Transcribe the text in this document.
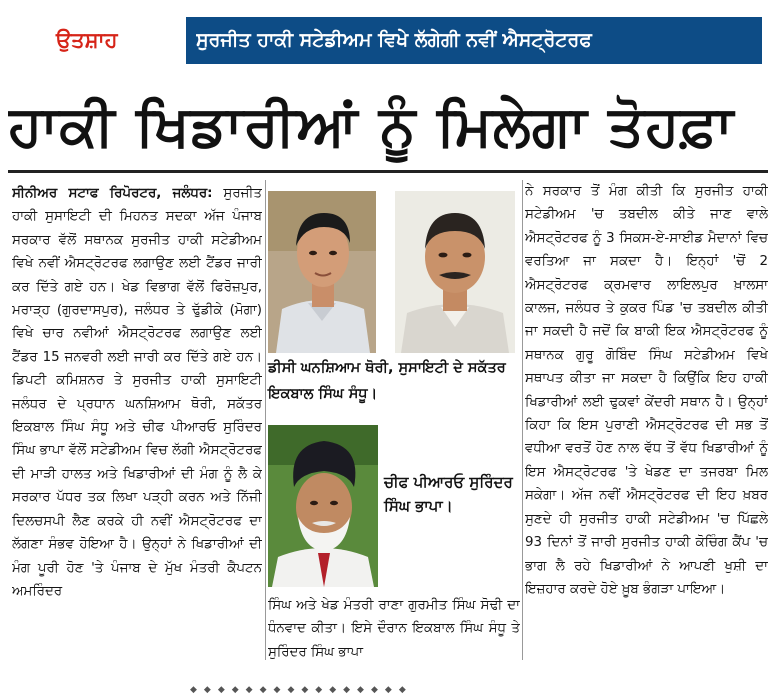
ਉਤਸ਼ਾਹ	ਸੁਰਜੀਤ ਹਾਕੀ ਸਟੇਡੀਅਮ ਵਿਖੇ ਲੱਗੇਗੀ ਨਵੀਂ ਐਸਟ੍ਰੋਟਰਫ
ਹਾਕੀ ਖਿਡਾਰੀਆਂ ਨੂੰ ਮਿਲੇਗਾ ਤੋਹਫ਼ਾ

ਸੀਨੀਅਰ ਸਟਾਫ ਰਿਪੋਰਟਰ, ਜਲੰਧਰ: ਸੁਰਜੀਤ ਹਾਕੀ ਸੁਸਾਇਟੀ ਦੀ ਮਿਹਨਤ ਸਦਕਾ ਅੱਜ ਪੰਜਾਬ ਸਰਕਾਰ ਵੱਲੋਂ ਸਥਾਨਕ ਸੁਰਜੀਤ ਹਾਕੀ ਸਟੇਡੀਅਮ ਵਿਖੇ ਨਵੀਂ ਐਸਟ੍ਰੋਟਰਫ ਲਗਾਉਣ ਲਈ ਟੈਂਡਰ ਜਾਰੀ ਕਰ ਦਿੱਤੇ ਗਏ ਹਨ। ਖੇਡ ਵਿਭਾਗ ਵੱਲੋਂ ਫਿਰੋਜ਼ਪੁਰ, ਮਰਾੜ੍ਹ (ਗੁਰਦਾਸਪੁਰ), ਜਲੰਧਰ ਤੇ ਢੁੱਡੀਕੇ (ਮੋਗਾ) ਵਿਖੇ ਚਾਰ ਨਵੀਆਂ ਐਸਟ੍ਰੋਟਰਫ ਲਗਾਉਣ ਲਈ ਟੈਂਡਰ 15 ਜਨਵਰੀ ਲਈ ਜਾਰੀ ਕਰ ਦਿੱਤੇ ਗਏ ਹਨ। ਡਿਪਟੀ ਕਮਿਸ਼ਨਰ ਤੇ ਸੁਰਜੀਤ ਹਾਕੀ ਸੁਸਾਇਟੀ ਜਲੰਧਰ ਦੇ ਪ੍ਰਧਾਨ ਘਨਸ਼ਿਆਮ ਥੋਰੀ, ਸਕੱਤਰ ਇਕਬਾਲ ਸਿੰਘ ਸੰਧੂ ਅਤੇ ਚੀਫ ਪੀਆਰਓ ਸੁਰਿੰਦਰ ਸਿੰਘ ਭਾਪਾ ਵੱਲੋਂ ਸਟੇਡੀਅਮ ਵਿਚ ਲੱਗੀ ਐਸਟ੍ਰੋਟਰਫ ਦੀ ਮਾੜੀ ਹਾਲਤ ਅਤੇ ਖਿਡਾਰੀਆਂ ਦੀ ਮੰਗ ਨੂੰ ਲੈ ਕੇ ਸਰਕਾਰ ਪੱਧਰ ਤਕ ਲਿਖਾ ਪੜ੍ਹੀ ਕਰਨ ਅਤੇ ਨਿੱਜੀ ਦਿਲਚਸਪੀ ਲੈਣ ਕਰਕੇ ਹੀ ਨਵੀਂ ਐਸਟ੍ਰੋਟਰਫ ਦਾ ਲੱਗਣਾ ਸੰਭਵ ਹੋਇਆ ਹੈ। ਉਨ੍ਹਾਂ ਨੇ ਖਿਡਾਰੀਆਂ ਦੀ ਮੰਗ ਪੂਰੀ ਹੋਣ 'ਤੇ ਪੰਜਾਬ ਦੇ ਮੁੱਖ ਮੰਤਰੀ ਕੈਪਟਨ ਅਮਰਿੰਦਰ

ਡੀਸੀ ਘਨਸ਼ਿਆਮ ਥੋਰੀ, ਸੁਸਾਇਟੀ ਦੇ ਸਕੱਤਰ ਇਕਬਾਲ ਸਿੰਘ ਸੰਧੂ।
ਚੀਫ ਪੀਆਰਓ ਸੁਰਿੰਦਰ ਸਿੰਘ ਭਾਪਾ।

ਸਿੰਘ ਅਤੇ ਖੇਡ ਮੰਤਰੀ ਰਾਣਾ ਗੁਰਮੀਤ ਸਿੰਘ ਸੋਢੀ ਦਾ ਧੰਨਵਾਦ ਕੀਤਾ। ਇਸੇ ਦੌਰਾਨ ਇਕਬਾਲ ਸਿੰਘ ਸੰਧੂ ਤੇ ਸੁਰਿੰਦਰ ਸਿੰਘ ਭਾਪਾ

ਨੇ ਸਰਕਾਰ ਤੋਂ ਮੰਗ ਕੀਤੀ ਕਿ ਸੁਰਜੀਤ ਹਾਕੀ ਸਟੇਡੀਅਮ 'ਚ ਤਬਦੀਲ ਕੀਤੇ ਜਾਣ ਵਾਲੇ ਐਸਟ੍ਰੋਟਰਫ ਨੂੰ 3 ਸਿਕਸ-ਏ-ਸਾਈਡ ਮੈਦਾਨਾਂ ਵਿਚ ਵਰਤਿਆ ਜਾ ਸਕਦਾ ਹੈ। ਇਨ੍ਹਾਂ 'ਚੋਂ 2 ਐਸਟ੍ਰੋਟਰਫ ਕ੍ਰਮਵਾਰ ਲਾਇਲਪੁਰ ਖ਼ਾਲਸਾ ਕਾਲਜ, ਜਲੰਧਰ ਤੇ ਕੁਕਰ ਪਿੰਡ 'ਚ ਤਬਦੀਲ ਕੀਤੀ ਜਾ ਸਕਦੀ ਹੈ ਜਦੋਂ ਕਿ ਬਾਕੀ ਇਕ ਐਸਟ੍ਰੋਟਰਫ ਨੂੰ ਸਥਾਨਕ ਗੁਰੂ ਗੋਬਿੰਦ ਸਿੰਘ ਸਟੇਡੀਅਮ ਵਿਖੇ ਸਥਾਪਤ ਕੀਤਾ ਜਾ ਸਕਦਾ ਹੈ ਕਿਉਂਕਿ ਇਹ ਹਾਕੀ ਖਿਡਾਰੀਆਂ ਲਈ ਢੁਕਵਾਂ ਕੇਂਦਰੀ ਸਥਾਨ ਹੈ। ਉਨ੍ਹਾਂ ਕਿਹਾ ਕਿ ਇਸ ਪੁਰਾਣੀ ਐਸਟ੍ਰੋਟਰਫ ਦੀ ਸਭ ਤੋਂ ਵਧੀਆ ਵਰਤੋਂ ਹੋਣ ਨਾਲ ਵੱਧ ਤੋਂ ਵੱਧ ਖਿਡਾਰੀਆਂ ਨੂੰ ਇਸ ਐਸਟ੍ਰੋਟਰਫ 'ਤੇ ਖੇਡਣ ਦਾ ਤਜਰਬਾ ਮਿਲ ਸਕੇਗਾ। ਅੱਜ ਨਵੀਂ ਐਸਟ੍ਰੋਟਰਫ ਦੀ ਇਹ ਖ਼ਬਰ ਸੁਣਦੇ ਹੀ ਸੁਰਜੀਤ ਹਾਕੀ ਸਟੇਡੀਅਮ 'ਚ ਪਿੱਛਲੇ 93 ਦਿਨਾਂ ਤੋਂ ਜਾਰੀ ਸੁਰਜੀਤ ਹਾਕੀ ਕੋਚਿੰਗ ਕੈਂਪ 'ਚ ਭਾਗ ਲੈ ਰਹੇ ਖਿਡਾਰੀਆਂ ਨੇ ਆਪਣੀ ਖੁਸ਼ੀ ਦਾ ਇਜ਼ਹਾਰ ਕਰਦੇ ਹੋਏ ਖ਼ੂਬ ਭੰਗੜਾ ਪਾਇਆ।

◆◆◆◆◆◆◆◆◆◆◆◆◆◆◆◆
